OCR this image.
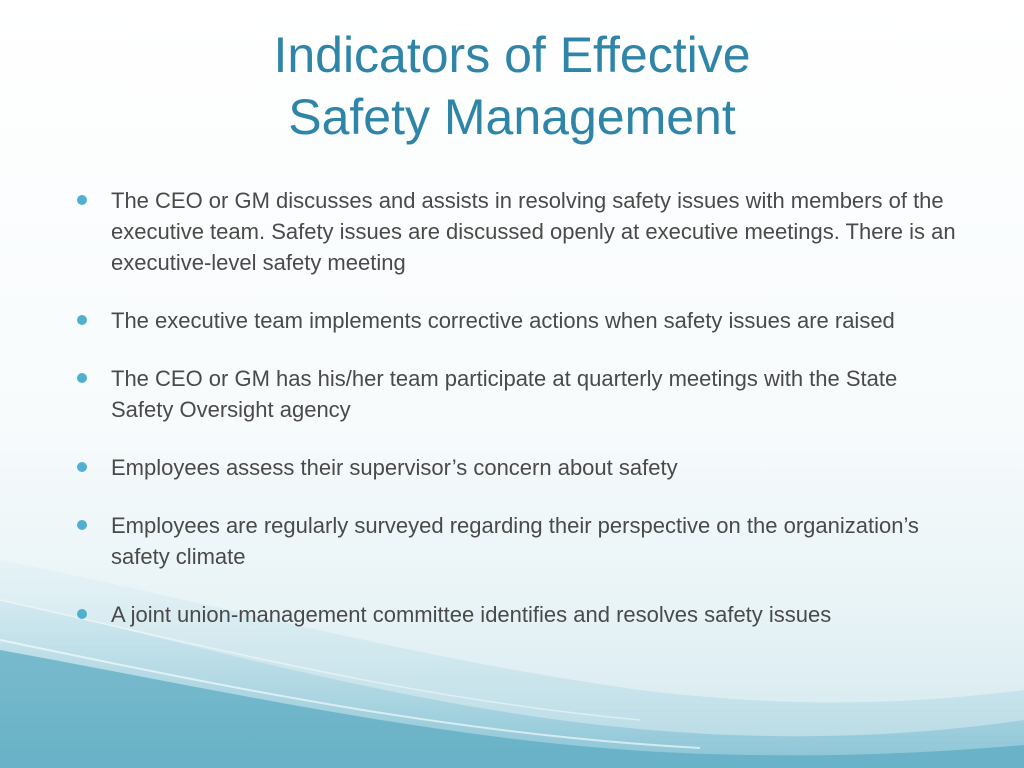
Indicators of Effective
Safety Management
The CEO or GM discusses and assists in resolving safety issues with members of the executive team. Safety issues are discussed openly at executive meetings. There is an executive-level safety meeting
The executive team implements corrective actions when safety issues are raised
The CEO or GM has his/her team participate at quarterly meetings with the State Safety Oversight agency
Employees assess their supervisor’s concern about safety
Employees are regularly surveyed regarding their perspective on the organization’s safety climate
A joint union-management committee identifies and resolves safety issues
